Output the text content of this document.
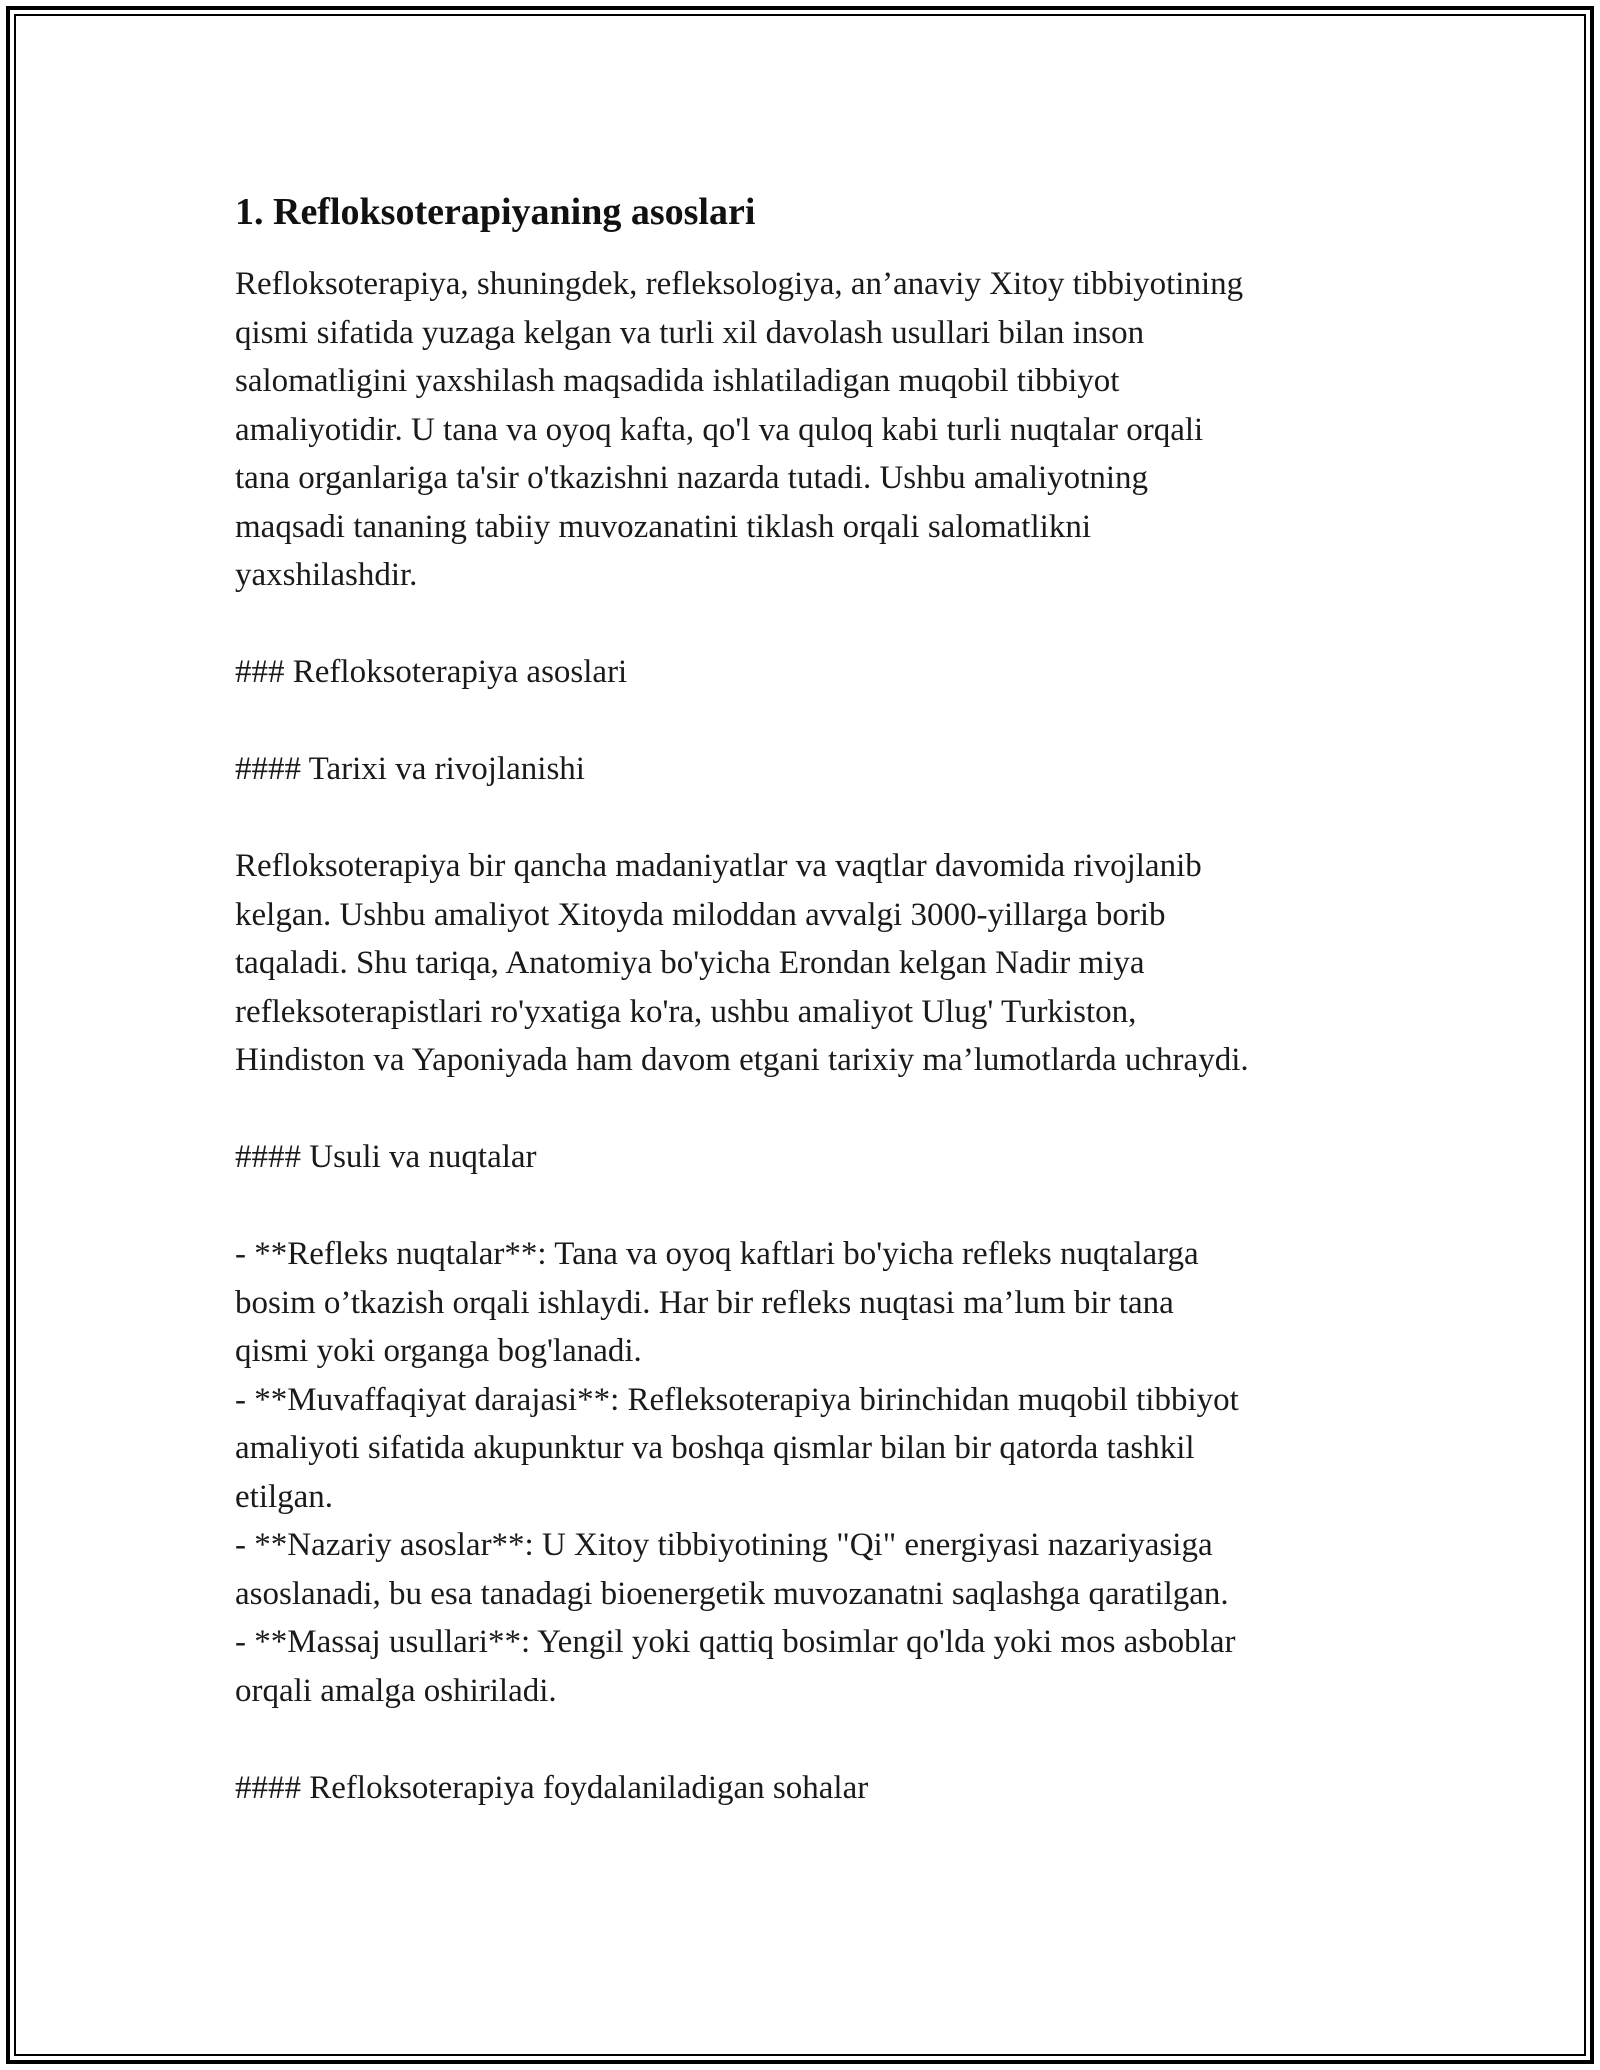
1. Refloksoterapiyaning asoslari

Refloksoterapiya, shuningdek, refleksologiya, an’anaviy Xitoy tibbiyotining
qismi sifatida yuzaga kelgan va turli xil davolash usullari bilan inson
salomatligini yaxshilash maqsadida ishlatiladigan muqobil tibbiyot
amaliyotidir. U tana va oyoq kafta, qo'l va quloq kabi turli nuqtalar orqali
tana organlariga ta'sir o'tkazishni nazarda tutadi. Ushbu amaliyotning
maqsadi tananing tabiiy muvozanatini tiklash orqali salomatlikni
yaxshilashdir.

### Refloksoterapiya asoslari

#### Tarixi va rivojlanishi

Refloksoterapiya bir qancha madaniyatlar va vaqtlar davomida rivojlanib
kelgan. Ushbu amaliyot Xitoyda miloddan avvalgi 3000-yillarga borib
taqaladi. Shu tariqa, Anatomiya bo'yicha Erondan kelgan Nadir miya
refleksoterapistlari ro'yxatiga ko'ra, ushbu amaliyot Ulug' Turkiston,
Hindiston va Yaponiyada ham davom etgani tarixiy ma’lumotlarda uchraydi.

#### Usuli va nuqtalar

- **Refleks nuqtalar**: Tana va oyoq kaftlari bo'yicha refleks nuqtalarga
bosim o’tkazish orqali ishlaydi. Har bir refleks nuqtasi ma’lum bir tana
qismi yoki organga bog'lanadi.

- **Muvaffaqiyat darajasi**: Refleksoterapiya birinchidan muqobil tibbiyot
amaliyoti sifatida akupunktur va boshqa qismlar bilan bir qatorda tashkil
etilgan.

- **Nazariy asoslar**: U Xitoy tibbiyotining "Qi" energiyasi nazariyasiga
asoslanadi, bu esa tanadagi bioenergetik muvozanatni saqlashga qaratilgan.

- **Massaj usullari**: Yengil yoki qattiq bosimlar qo'lda yoki mos asboblar
orqali amalga oshiriladi.

#### Refloksoterapiya foydalaniladigan sohalar
